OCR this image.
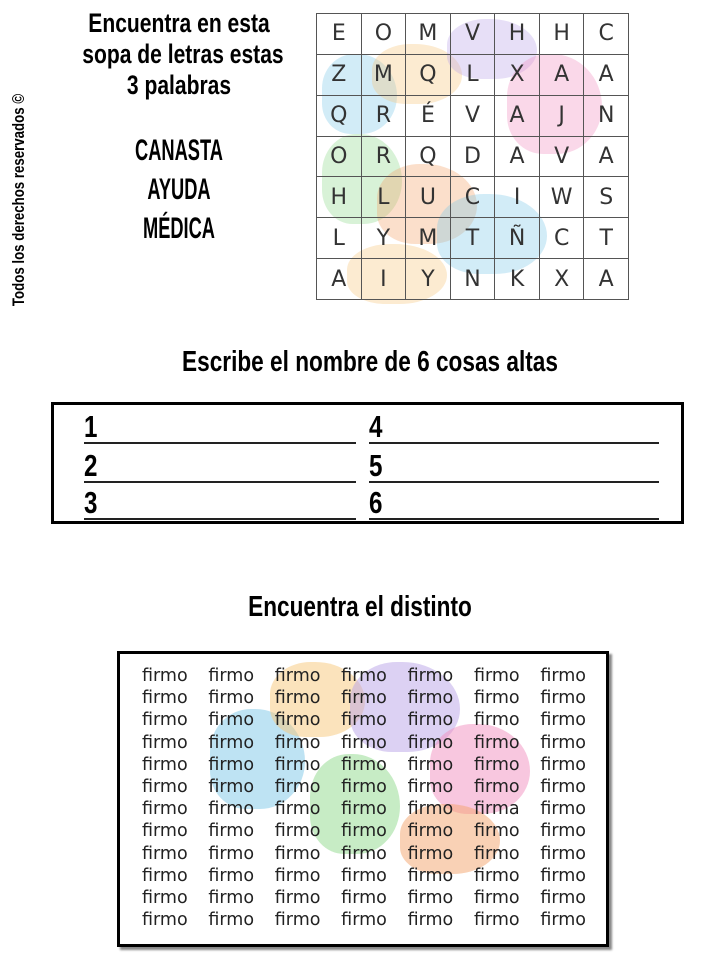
Todos los derechos reservados ©
Encuentra en esta
sopa de letras estas
3 palabras
CANASTA
AYUDA
MÉDICA
E	O	M	V	H	H	C
Z	M	Q	L	X	A	A
Q	R	É	V	A	J	N
O	R	Q	D	A	V	A
H	L	U	C	I	W	S
L	Y	M	T	Ñ	C	T
A	I	Y	N	K	X	A
Escribe el nombre de 6 cosas altas
1
2
3
4
5
6
Encuentra el distinto
firmo	firmo	firmo	firmo	firmo	firmo	firmo
firmo	firmo	firmo	firmo	firmo	firmo	firmo
firmo	firmo	firmo	firmo	firmo	firmo	firmo
firmo	firmo	firmo	firmo	firmo	firmo	firmo
firmo	firmo	firmo	firmo	firmo	firmo	firmo
firmo	firmo	firmo	firmo	firmo	firmo	firmo
firmo	firmo	firmo	firmo	firmo	firma	firmo
firmo	firmo	firmo	firmo	firmo	firmo	firmo
firmo	firmo	firmo	firmo	firmo	firmo	firmo
firmo	firmo	firmo	firmo	firmo	firmo	firmo
firmo	firmo	firmo	firmo	firmo	firmo	firmo
firmo	firmo	firmo	firmo	firmo	firmo	firmo
